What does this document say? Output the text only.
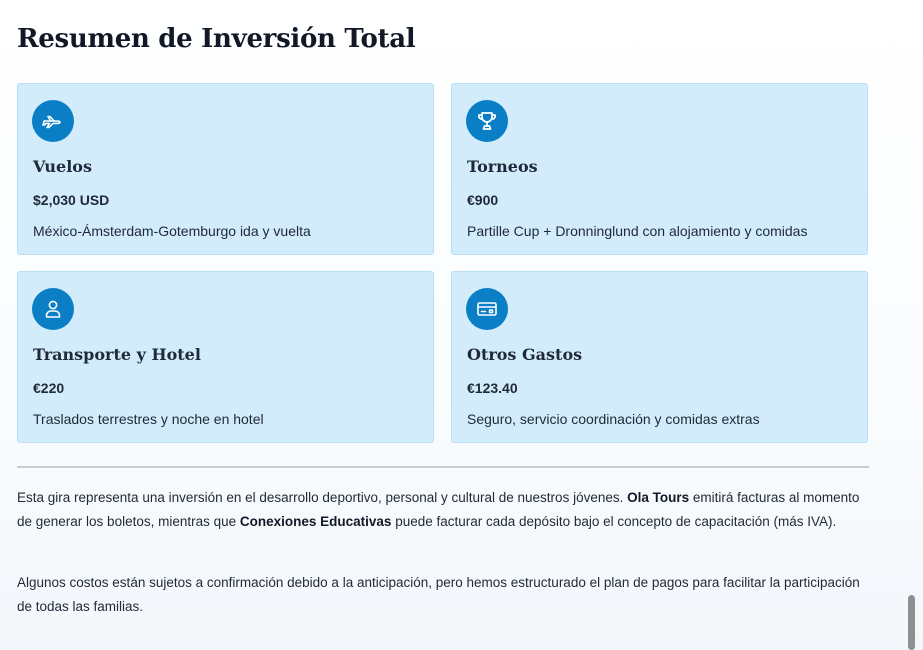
Resumen de Inversión Total
Vuelos
$2,030 USD
México-Ámsterdam-Gotemburgo ida y vuelta
Torneos
€900
Partille Cup + Dronninglund con alojamiento y comidas
Transporte y Hotel
€220
Traslados terrestres y noche en hotel
Otros Gastos
€123.40
Seguro, servicio coordinación y comidas extras

Esta gira representa una inversión en el desarrollo deportivo, personal y cultural de nuestros jóvenes. Ola Tours emitirá facturas al momento de generar los boletos, mientras que Conexiones Educativas puede facturar cada depósito bajo el concepto de capacitación (más IVA).

Algunos costos están sujetos a confirmación debido a la anticipación, pero hemos estructurado el plan de pagos para facilitar la participación de todas las familias.
